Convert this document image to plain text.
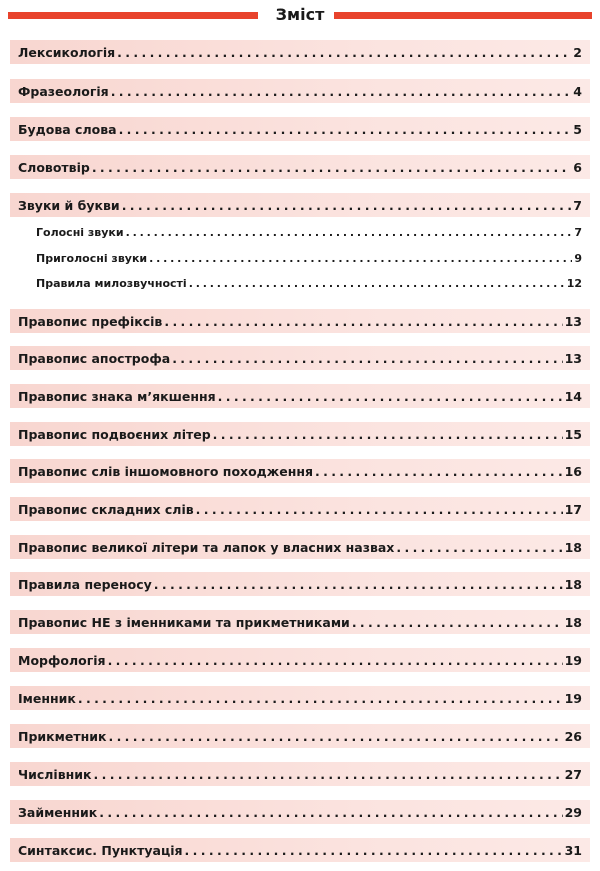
Зміст
Лексикологія . . .	2
Фразеологія . . .	4
Будова слова . . .	5
Словотвір . . .	6
Звуки й букви . . .	7
Голосні звуки . . .	7
Приголосні звуки . . .	9
Правила милозвучності . . .	12
Правопис префіксів . . .	13
Правопис апострофа . . .	13
Правопис знака м’якшення . . .	14
Правопис подвоєних літер . . .	15
Правопис слів іншомовного походження . . .	16
Правопис складних слів . . .	17
Правопис великої літери та лапок у власних назвах . . .	18
Правила переносу . . .	18
Правопис НЕ з іменниками та прикметниками . . .	18
Морфологія . . .	19
Іменник . . .	19
Прикметник . . .	26
Числівник . . .	27
Займенник . . .	29
Синтаксис. Пунктуація . . .	31
